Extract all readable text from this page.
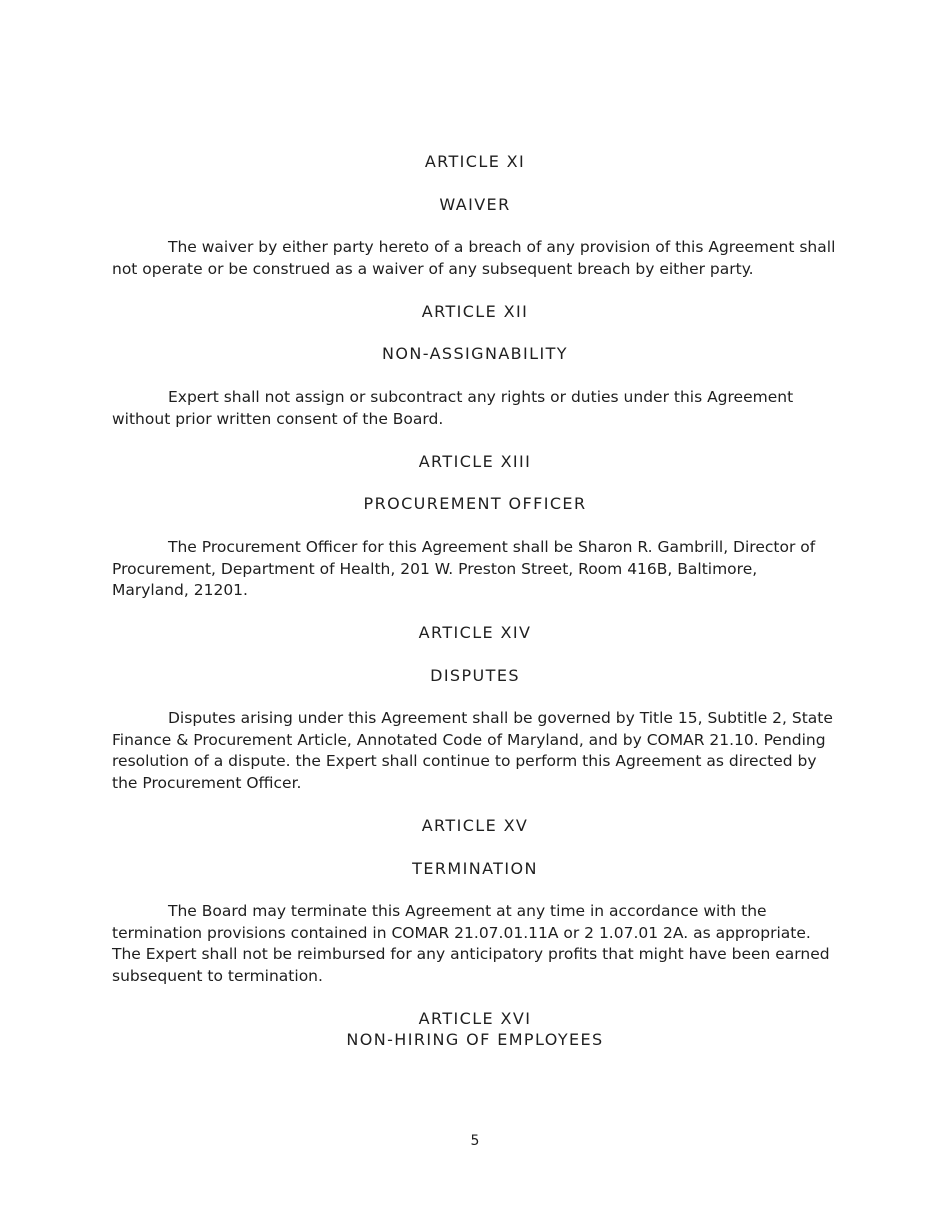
ARTICLE XI
WAIVER

The waiver by either party hereto of a breach of any provision of this Agreement shall not operate or be construed as a waiver of any subsequent breach by either party.

ARTICLE XII
NON-ASSIGNABILITY

Expert shall not assign or subcontract any rights or duties under this Agreement without prior written consent of the Board.

ARTICLE XIII
PROCUREMENT OFFICER

The Procurement Officer for this Agreement shall be Sharon R. Gambrill, Director of Procurement, Department of Health, 201 W. Preston Street, Room 416B, Baltimore, Maryland, 21201.

ARTICLE XIV
DISPUTES

Disputes arising under this Agreement shall be governed by Title 15, Subtitle 2, State Finance & Procurement Article, Annotated Code of Maryland, and by COMAR 21.10. Pending resolution of a dispute. the Expert shall continue to perform this Agreement as directed by the Procurement Officer.

ARTICLE XV
TERMINATION

The Board may terminate this Agreement at any time in accordance with the termination provisions contained in COMAR 21.07.01.11A or 2 1.07.01 2A. as appropriate. The Expert shall not be reimbursed for any anticipatory profits that might have been earned subsequent to termination.

ARTICLE XVI
NON-HIRING OF EMPLOYEES
5
